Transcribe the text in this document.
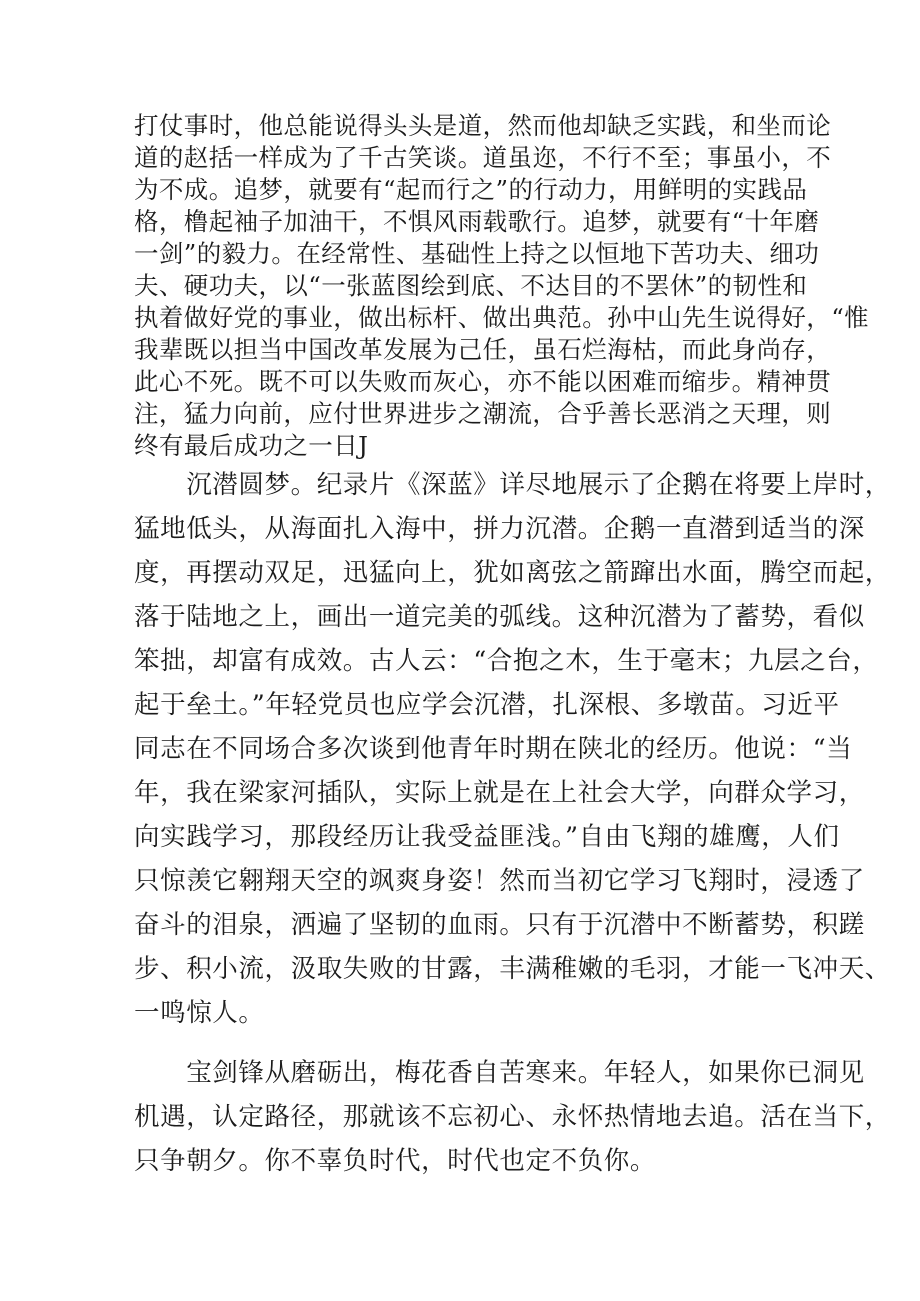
打仗事时，他总能说得头头是道，然而他却缺乏实践，和坐而论
道的赵括一样成为了千古笑谈。道虽迩，不行不至；事虽小，不
为不成。追梦，就要有“起而行之”的行动力，用鲜明的实践品
格，橹起袖子加油干，不惧风雨载歌行。追梦，就要有“十年磨
一剑”的毅力。在经常性、基础性上持之以恒地下苦功夫、细功
夫、硬功夫，以“一张蓝图绘到底、不达目的不罢休”的韧性和
执着做好党的事业，做出标杆、做出典范。孙中山先生说得好，“惟
我辈既以担当中国改革发展为己任，虽石烂海枯，而此身尚存，
此心不死。既不可以失败而灰心，亦不能以困难而缩步。精神贯
注，猛力向前，应付世界进步之潮流，合乎善长恶消之天理，则
终有最后成功之一日J
　　沉潜圆梦。纪录片《深蓝》详尽地展示了企鹅在将要上岸时，
猛地低头，从海面扎入海中，拼力沉潜。企鹅一直潜到适当的深
度，再摆动双足，迅猛向上，犹如离弦之箭蹿出水面，腾空而起，
落于陆地之上，画出一道完美的弧线。这种沉潜为了蓄势，看似
笨拙，却富有成效。古人云：“合抱之木，生于毫末；九层之台，
起于垒土。”年轻党员也应学会沉潜，扎深根、多墩苗。习近平
同志在不同场合多次谈到他青年时期在陕北的经历。他说：“当
年，我在梁家河插队，实际上就是在上社会大学，向群众学习，
向实践学习，那段经历让我受益匪浅。”自由飞翔的雄鹰，人们
只惊羡它翱翔天空的飒爽身姿！然而当初它学习飞翔时，浸透了
奋斗的泪泉，洒遍了坚韧的血雨。只有于沉潜中不断蓄势，积蹉
步、积小流，汲取失败的甘露，丰满稚嫩的毛羽，才能一飞冲天、
一鸣惊人。
　　宝剑锋从磨砺出，梅花香自苦寒来。年轻人，如果你已洞见
机遇，认定路径，那就该不忘初心、永怀热情地去追。活在当下，
只争朝夕。你不辜负时代，时代也定不负你。
